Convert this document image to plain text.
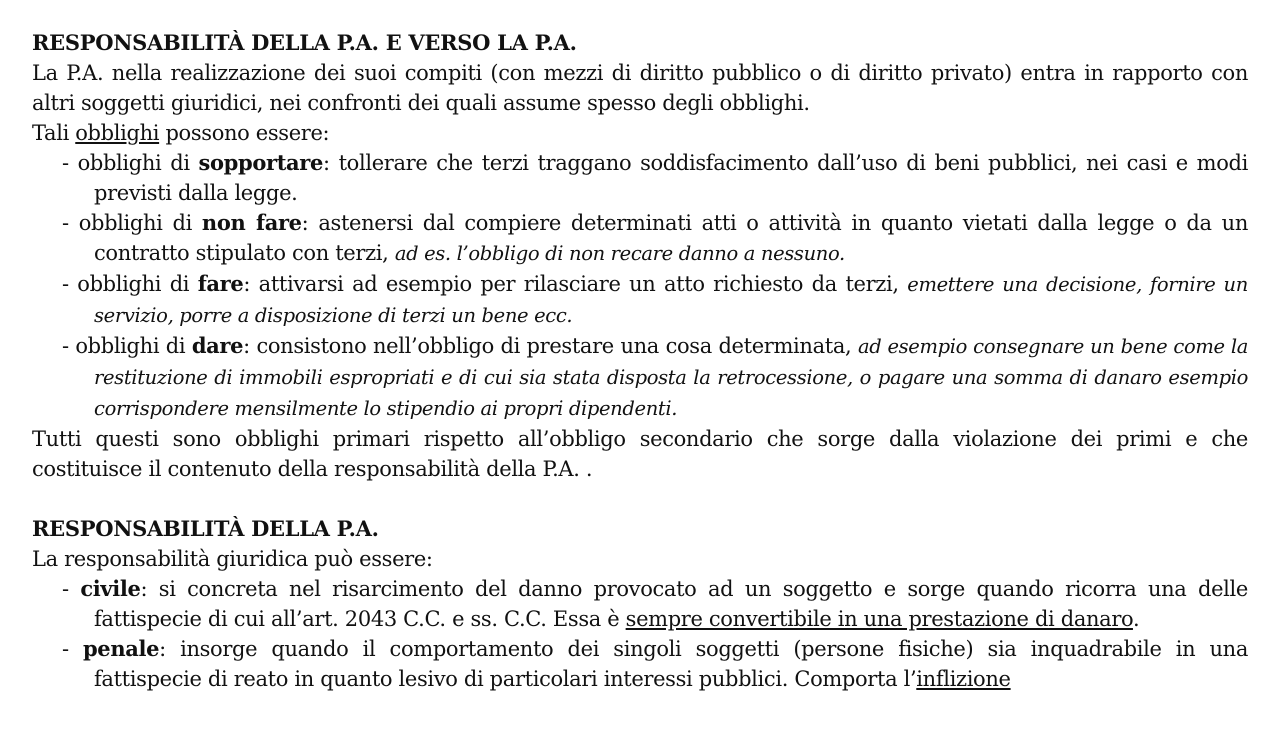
RESPONSABILITÀ DELLA P.A. E VERSO LA P.A.

La P.A. nella realizzazione dei suoi compiti (con mezzi di diritto pubblico o di diritto privato) entra in rapporto con altri soggetti giuridici, nei confronti dei quali assume spesso degli obblighi.

Tali obblighi possono essere:

- obblighi di sopportare: tollerare che terzi traggano soddisfacimento dall’uso di beni pubblici, nei casi e modi previsti dalla legge.

- obblighi di non fare: astenersi dal compiere determinati atti o attività in quanto vietati dalla legge o da un contratto stipulato con terzi, ad es. l’obbligo di non recare danno a nessuno.

- obblighi di fare: attivarsi ad esempio per rilasciare un atto richiesto da terzi, emettere una decisione, fornire un servizio, porre a disposizione di terzi un bene ecc.

- obblighi di dare: consistono nell’obbligo di prestare una cosa determinata, ad esempio consegnare un bene come la restituzione di immobili espropriati e di cui sia stata disposta la retrocessione, o pagare una somma di danaro esempio corrispondere mensilmente lo stipendio ai propri dipendenti.

Tutti questi sono obblighi primari rispetto all’obbligo secondario che sorge dalla violazione dei primi e che costituisce il contenuto della responsabilità della P.A. .

RESPONSABILITÀ DELLA P.A.

La responsabilità giuridica può essere:

- civile: si concreta nel risarcimento del danno provocato ad un soggetto e sorge quando ricorra una delle fattispecie di cui all’art. 2043 C.C. e ss. C.C. Essa è sempre convertibile in una prestazione di danaro.

- penale: insorge quando il comportamento dei singoli soggetti (persone fisiche) sia inquadrabile in una fattispecie di reato in quanto lesivo di particolari interessi pubblici. Comporta l’inflizione
